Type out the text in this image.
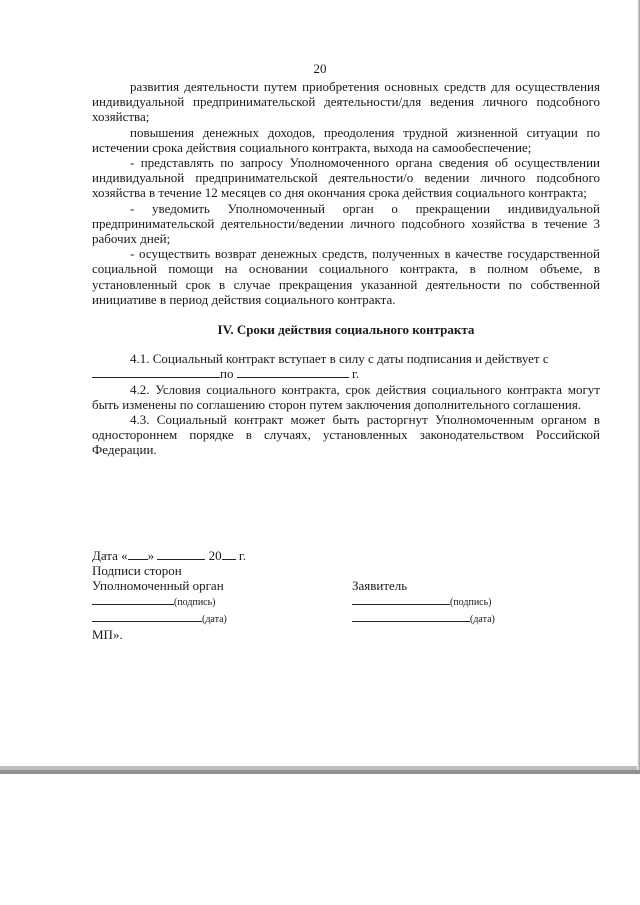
20

развития деятельности путем приобретения основных средств для осуществления индивидуальной предпринимательской деятельности/для ведения личного подсобного хозяйства;

повышения денежных доходов, преодоления трудной жизненной ситуации по истечении срока действия социального контракта, выхода на самообеспечение;

- представлять по запросу Уполномоченного органа сведения об осуществлении индивидуальной предпринимательской деятельности/о ведении личного подсобного хозяйства в течение 12 месяцев со дня окончания срока действия социального контракта;

- уведомить Уполномоченный орган о прекращении индивидуальной предпринимательской деятельности/ведении личного подсобного хозяйства в течение 3 рабочих дней;

- осуществить возврат денежных средств, полученных в качестве государственной социальной помощи на основании социального контракта, в полном объеме, в установленный срок в случае прекращения указанной деятельности по собственной инициативе в период действия социального контракта.

IV. Сроки действия социального контракта

4.1. Социальный контракт вступает в силу с даты подписания и действует с
по	г.

4.2. Условия социального контракта, срок действия социального контракта могут быть изменены по соглашению сторон путем заключения дополнительного соглашения.

4.3. Социальный контракт может быть расторгнут Уполномоченным органом в одностороннем порядке в случаях, установленных законодательством Российской Федерации.

Дата « »	20 г.
Подписи сторон
Уполномоченный орган	Заявитель
(подпись)	(подпись)
(дата)	(дата)
МП».
